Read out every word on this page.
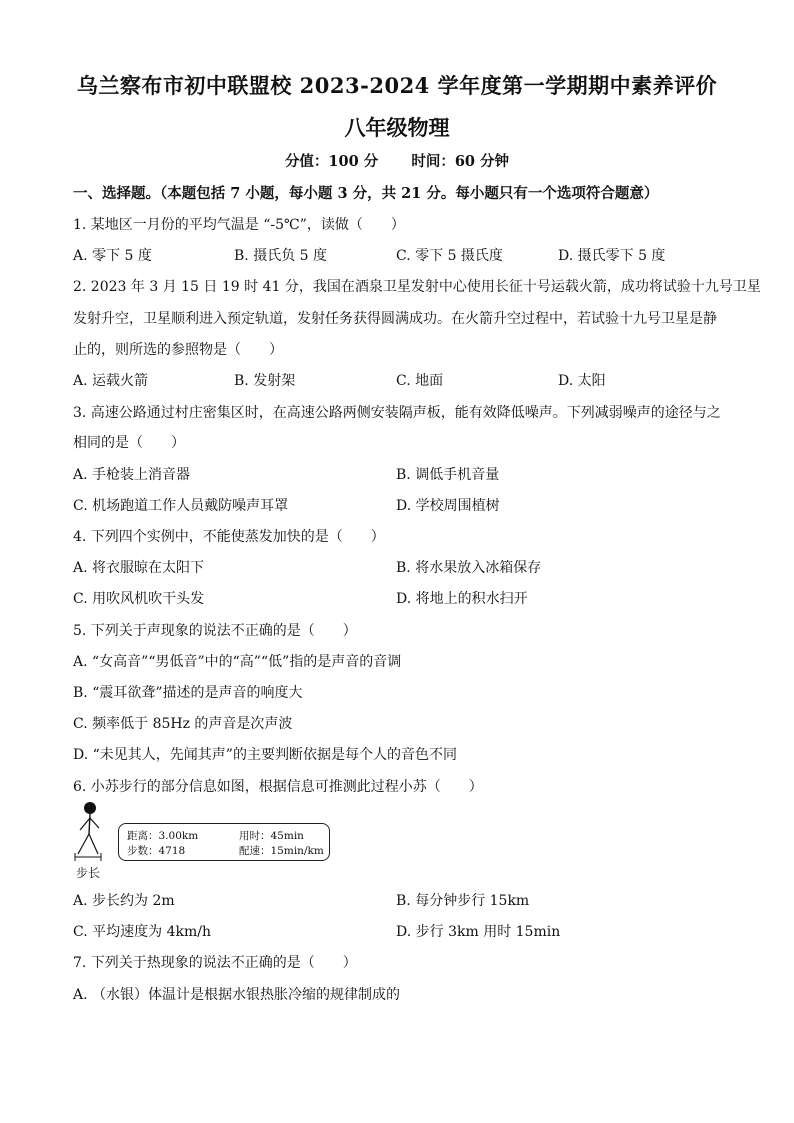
乌兰察布市初中联盟校 2023-2024 学年度第一学期期中素养评价
八年级物理
分值：100 分 时间：60 分钟
一、选择题。（本题包括 7 小题，每小题 3 分，共 21 分。每小题只有一个选项符合题意）
1. 某地区一月份的平均气温是 “-5℃”，读做（　　）
A. 零下 5 度	B. 摄氏负 5 度	C. 零下 5 摄氏度	D. 摄氏零下 5 度
2. 2023 年 3 月 15 日 19 时 41 分，我国在酒泉卫星发射中心使用长征十号运载火箭，成功将试验十九号卫星
发射升空，卫星顺利进入预定轨道，发射任务获得圆满成功。在火箭升空过程中，若试验十九号卫星是静
止的，则所选的参照物是（　　）
A. 运载火箭	B. 发射架	C. 地面	D. 太阳
3. 高速公路通过村庄密集区时，在高速公路两侧安装隔声板，能有效降低噪声。下列减弱噪声的途径与之
相同的是（　　）
A. 手枪装上消音器	B. 调低手机音量
C. 机场跑道工作人员戴防噪声耳罩	D. 学校周围植树
4. 下列四个实例中，不能使蒸发加快的是（　　）
A. 将衣服晾在太阳下	B. 将水果放入冰箱保存
C. 用吹风机吹干头发	D. 将地上的积水扫开
5. 下列关于声现象的说法不正确的是（　　）
A. “女高音”“男低音”中的“高”“低”指的是声音的音调
B. “震耳欲聋”描述的是声音的响度大
C. 频率低于 85Hz 的声音是次声波
D. “未见其人，先闻其声”的主要判断依据是每个人的音色不同
6. 小苏步行的部分信息如图，根据信息可推测此过程小苏（　　）
步长
距离：3.00km	用时：45min
步数：4718	配速：15min/km
A. 步长约为 2m	B. 每分钟步行 15km
C. 平均速度为 4km/h	D. 步行 3km 用时 15min
7. 下列关于热现象的说法不正确的是（　　）
A. （水银）体温计是根据水银热胀冷缩的规律制成的
